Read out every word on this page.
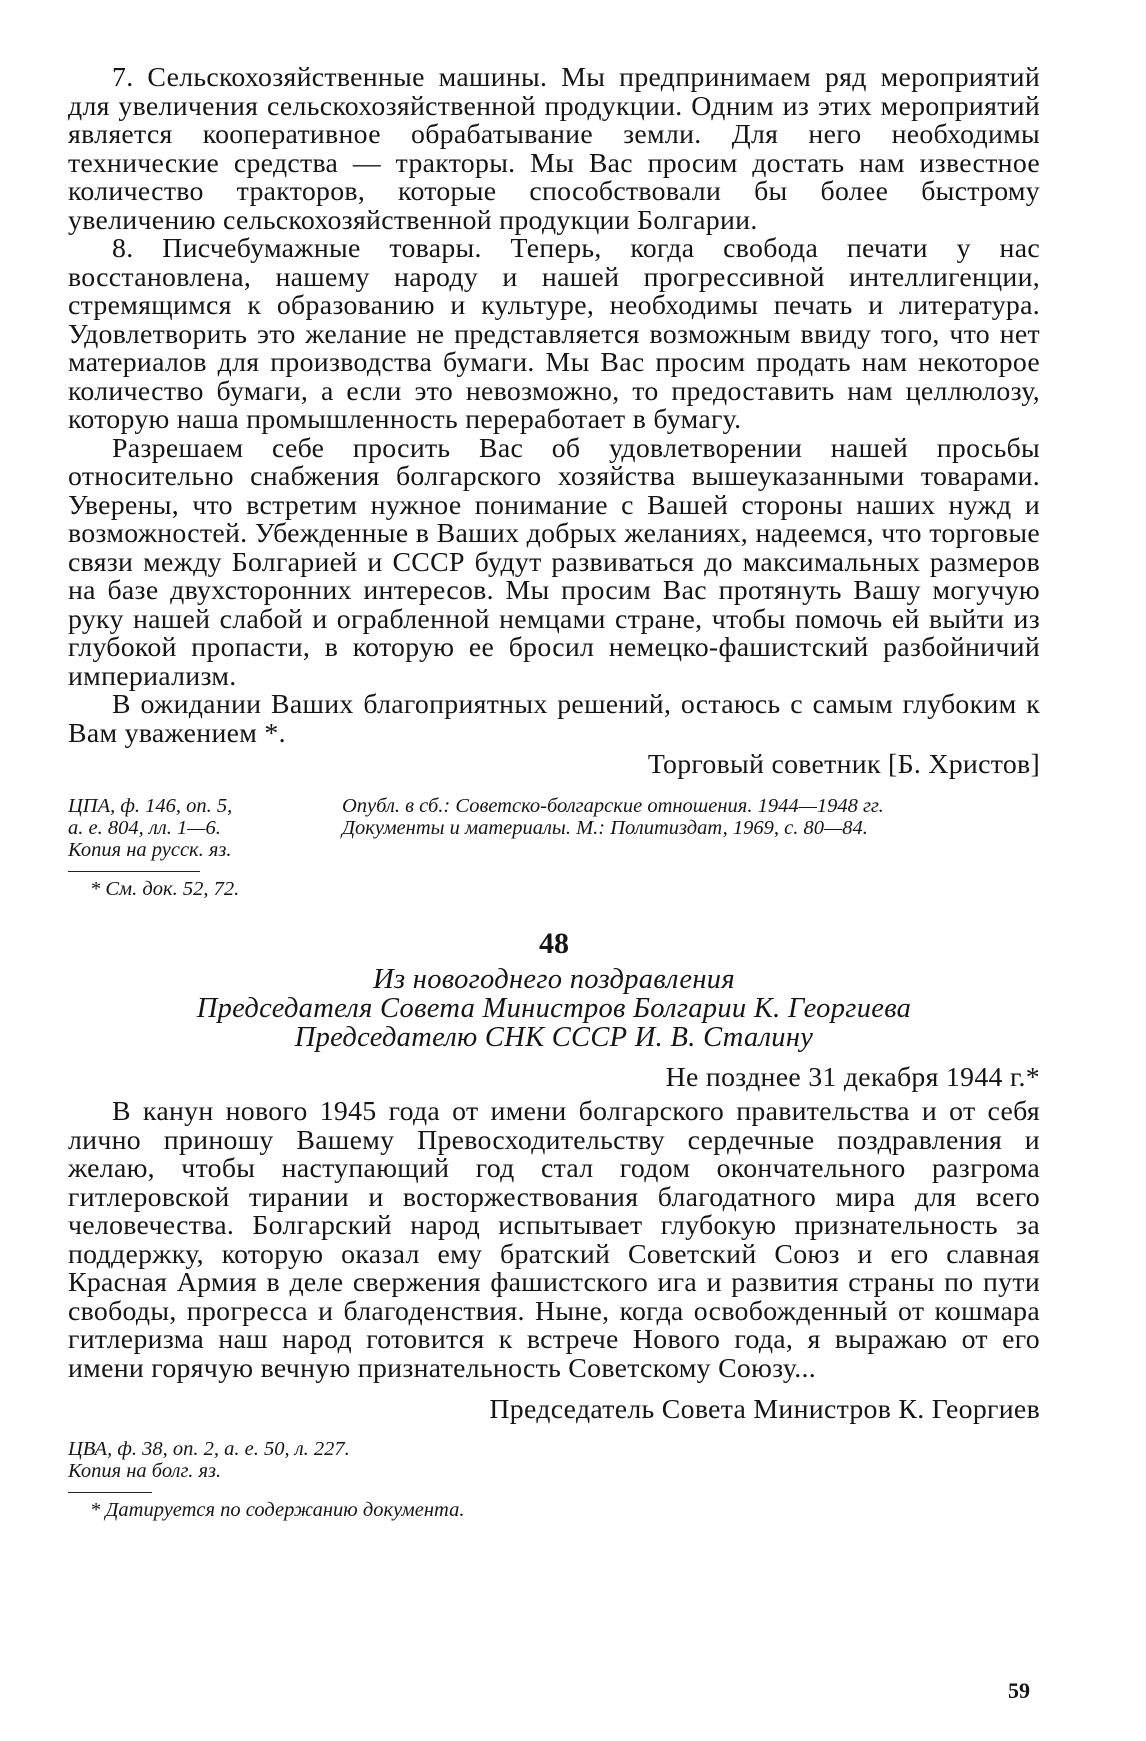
7. Сельскохозяйственные машины. Мы предпринимаем ряд мероприятий для увеличения сельскохозяйственной продукции. Одним из этих мероприятий является кооперативное обрабатывание земли. Для него необходимы технические средства — тракторы. Мы Вас просим достать нам известное количество тракторов, которые способствовали бы более быстрому увеличению сельскохозяйственной продукции Болгарии.

8. Писчебумажные товары. Теперь, когда свобода печати у нас восстановлена, нашему народу и нашей прогрессивной интеллигенции, стремящимся к образованию и культуре, необходимы печать и литература. Удовлетворить это желание не представляется возможным ввиду того, что нет материалов для производства бумаги. Мы Вас просим продать нам некоторое количество бумаги, а если это невозможно, то предоставить нам целлюлозу, которую наша промышленность переработает в бумагу.

Разрешаем себе просить Вас об удовлетворении нашей просьбы относительно снабжения болгарского хозяйства вышеуказанными товарами. Уверены, что встретим нужное понимание с Вашей стороны наших нужд и возможностей. Убежденные в Ваших добрых желаниях, надеемся, что торговые связи между Болгарией и СССР будут развиваться до максимальных размеров на базе двухсторонних интересов. Мы просим Вас протянуть Вашу могучую руку нашей слабой и ограбленной немцами стране, чтобы помочь ей выйти из глубокой пропасти, в которую ее бросил немецко-фашистский разбойничий империализм.

В ожидании Ваших благоприятных решений, остаюсь с самым глубоким к Вам уважением *.

Торговый советник [Б. Христов]
ЦПА, ф. 146, оп. 5,
а. е. 804, лл. 1—6.
Копия на русск. яз.
Опубл. в сб.: Советско-болгарские отношения. 1944—1948 гг.
Документы и материалы. М.: Политиздат, 1969, с. 80—84.
* См. док. 52, 72.
48
Из новогоднего поздравления
Председателя Совета Министров Болгарии К. Георгиева
Председателю СНК СССР И. В. Сталину
Не позднее 31 декабря 1944 г.*

В канун нового 1945 года от имени болгарского правительства и от себя лично приношу Вашему Превосходительству сердечные поздравления и желаю, чтобы наступающий год стал годом окончательного разгрома гитлеровской тирании и восторжествования благодатного мира для всего человечества. Болгарский народ испытывает глубокую признательность за поддержку, которую оказал ему братский Советский Союз и его славная Красная Армия в деле свержения фашистского ига и развития страны по пути свободы, прогресса и благоденствия. Ныне, когда освобожденный от кошмара гитлеризма наш народ готовится к встрече Нового года, я выражаю от его имени горячую вечную признательность Советскому Союзу...

Председатель Совета Министров К. Георгиев
ЦВА, ф. 38, оп. 2, а. е. 50, л. 227.
Копия на болг. яз.
* Датируется по содержанию документа.
59
